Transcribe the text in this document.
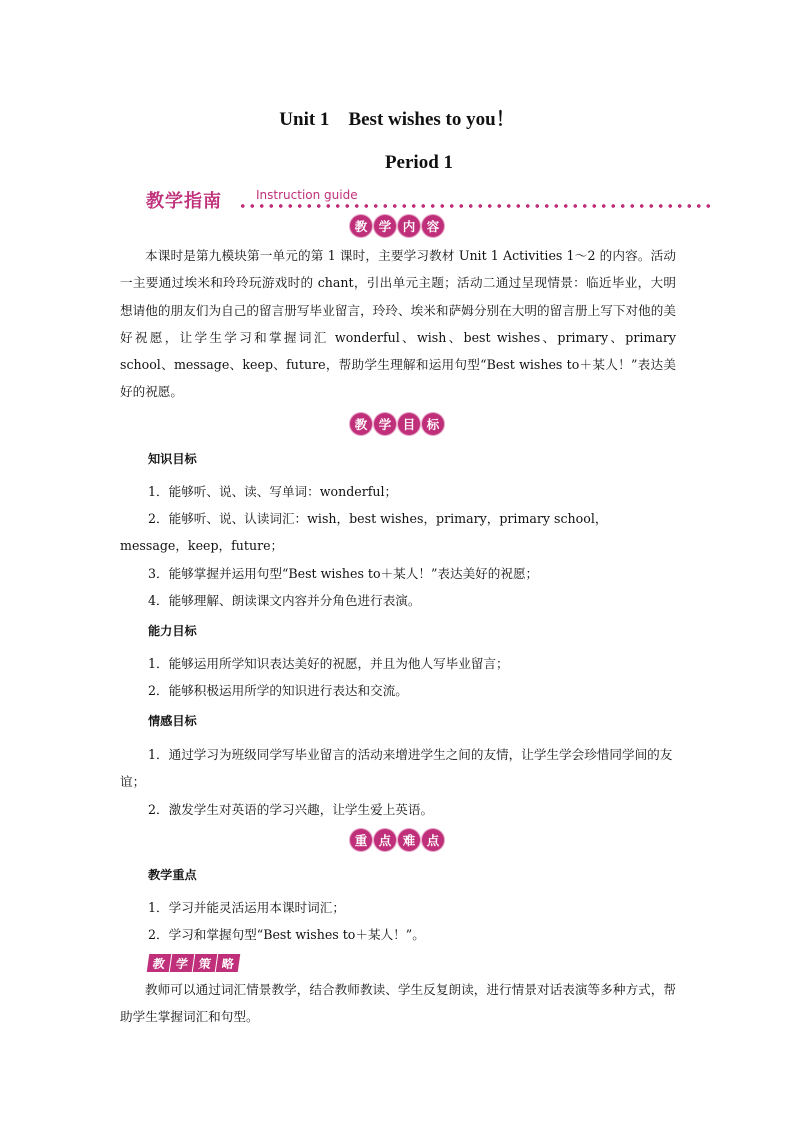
Unit 1 Best wishes to you！
Period 1
教学指南	Instruction guide
教 学 内 容

本课时是第九模块第一单元的第 1 课时，主要学习教材 Unit 1 Activities 1～2 的内容。活动一主要通过埃米和玲玲玩游戏时的 chant，引出单元主题；活动二通过呈现情景：临近毕业，大明想请他的朋友们为自己的留言册写毕业留言，玲玲、埃米和萨姆分别在大明的留言册上写下对他的美好祝愿，让学生学习和掌握词汇 wonderful、wish、best wishes、primary、primary school、message、keep、future，帮助学生理解和运用句型“Best wishes to＋某人！”表达美好的祝愿。

教 学 目 标

知识目标

1．能够听、说、读、写单词：wonderful；

2．能够听、说、认读词汇：wish，best wishes，primary，primary school，message，keep，future；

3．能够掌握并运用句型“Best wishes to＋某人！”表达美好的祝愿；

4．能够理解、朗读课文内容并分角色进行表演。

能力目标

1．能够运用所学知识表达美好的祝愿，并且为他人写毕业留言；

2．能够积极运用所学的知识进行表达和交流。

情感目标

1．通过学习为班级同学写毕业留言的活动来增进学生之间的友情，让学生学会珍惜同学间的友谊；

2．激发学生对英语的学习兴趣，让学生爱上英语。

重 点 难 点

教学重点

1．学习并能灵活运用本课时词汇；

2．学习和掌握句型“Best wishes to＋某人！”。

教 学 策 略

教师可以通过词汇情景教学，结合教师教读、学生反复朗读，进行情景对话表演等多种方式，帮助学生掌握词汇和句型。
